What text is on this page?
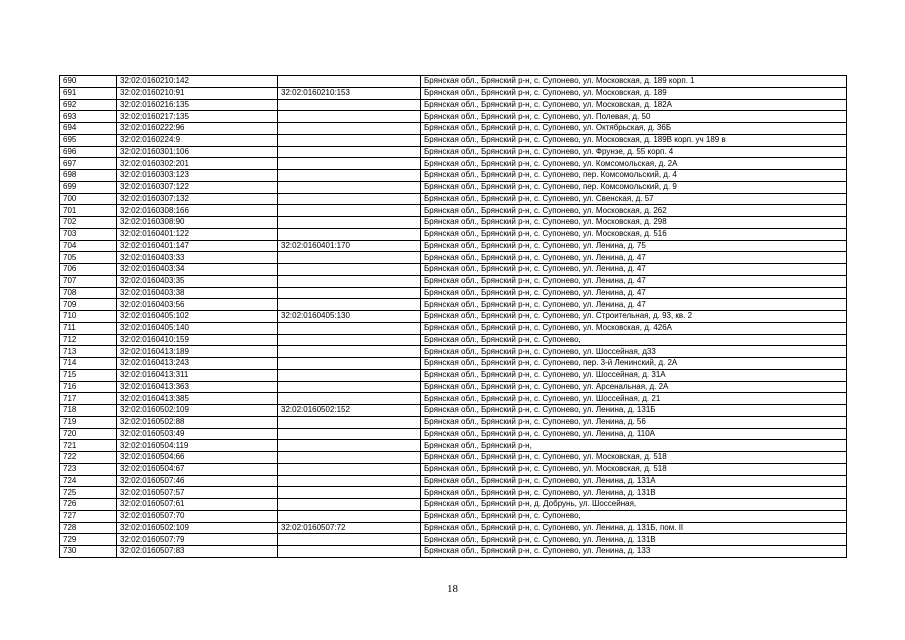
690	32:02:0160210:142		Брянская обл., Брянский р-н, с. Супонево, ул. Московская, д. 189 корп. 1
691	32:02:0160210:91	32:02:0160210:153	Брянская обл., Брянский р-н, с. Супонево, ул. Московская, д. 189
692	32:02:0160216:135		Брянская обл., Брянский р-н, с. Супонево, ул. Московская, д. 182А
693	32:02:0160217:135		Брянская обл., Брянский р-н, с. Супонево, ул. Полевая, д. 50
694	32:02:0160222:96		Брянская обл., Брянский р-н, с. Супонево, ул. Октябрьская, д. 36Б
695	32:02:0160224:9		Брянская обл., Брянский р-н, с. Супонево, ул. Московская, д. 189В корп. уч 189 в
696	32:02:0160301:106		Брянская обл., Брянский р-н, с. Супонево, ул. Фрунзе, д. 55 корп. 4
697	32:02:0160302:201		Брянская обл., Брянский р-н, с. Супонево, ул. Комсомольская, д. 2А
698	32:02:0160303:123		Брянская обл., Брянский р-н, с. Супонево, пер. Комсомольский, д. 4
699	32:02:0160307:122		Брянская обл., Брянский р-н, с. Супонево, пер. Комсомольский, д. 9
700	32:02:0160307:132		Брянская обл., Брянский р-н, с. Супонево, ул. Свенская, д. 57
701	32:02:0160308:166		Брянская обл., Брянский р-н, с. Супонево, ул. Московская, д. 262
702	32:02:0160308:90		Брянская обл., Брянский р-н, с. Супонево, ул. Московская, д. 298
703	32:02:0160401:122		Брянская обл., Брянский р-н, с. Супонево, ул. Московская, д. 516
704	32:02:0160401:147	32:02:0160401:170	Брянская обл., Брянский р-н, с. Супонево, ул. Ленина, д. 75
705	32:02:0160403:33		Брянская обл., Брянский р-н, с. Супонево, ул. Ленина, д. 47
706	32:02:0160403:34		Брянская обл., Брянский р-н, с. Супонево, ул. Ленина, д. 47
707	32:02:0160403:35		Брянская обл., Брянский р-н, с. Супонево, ул. Ленина, д. 47
708	32:02:0160403:38		Брянская обл., Брянский р-н, с. Супонево, ул. Ленина, д. 47
709	32:02:0160403:56		Брянская обл., Брянский р-н, с. Супонево, ул. Ленина, д. 47
710	32:02:0160405:102	32:02:0160405:130	Брянская обл., Брянский р-н, с. Супонево, ул. Строительная, д. 93, кв. 2
711	32:02:0160405:140		Брянская обл., Брянский р-н, с. Супонево, ул. Московская, д. 426А
712	32:02:0160410:159		Брянская обл., Брянский р-н, с. Супонево,
713	32:02:0160413:189		Брянская обл., Брянский р-н, с. Супонево, ул. Шоссейная, д33
714	32:02:0160413:243		Брянская обл., Брянский р-н, с. Супонево, пер. 3-й Ленинский, д. 2А
715	32:02:0160413:311		Брянская обл., Брянский р-н, с. Супонево, ул. Шоссейная, д. 31А
716	32:02:0160413:363		Брянская обл., Брянский р-н, с. Супонево, ул. Арсенальная, д. 2А
717	32:02:0160413:385		Брянская обл., Брянский р-н, с. Супонево, ул. Шоссейная, д. 21
718	32:02:0160502:109	32:02:0160502:152	Брянская обл., Брянский р-н, с. Супонево, ул. Ленина, д. 131Б
719	32:02:0160502:88		Брянская обл., Брянский р-н, с. Супонево, ул. Ленина, д. 56
720	32:02:0160503:49		Брянская обл., Брянский р-н, с. Супонево, ул. Ленина, д. 110А
721	32:02:0160504:119		Брянская обл., Брянский р-н,
722	32:02:0160504:66		Брянская обл., Брянский р-н, с. Супонево, ул. Московская, д. 518
723	32:02:0160504:67		Брянская обл., Брянский р-н, с. Супонево, ул. Московская, д. 518
724	32:02:0160507:46		Брянская обл., Брянский р-н, с. Супонево, ул. Ленина, д. 131А
725	32:02:0160507:57		Брянская обл., Брянский р-н, с. Супонево, ул. Ленина, д. 131В
726	32:02:0160507:61		Брянская обл., Брянский р-н, д. Добрунь, ул. Шоссейная,
727	32:02:0160507:70		Брянская обл., Брянский р-н, с. Супонево,
728	32:02:0160502:109	32:02:0160507:72	Брянская обл., Брянский р-н, с. Супонево, ул. Ленина, д. 131Б, пом. II
729	32:02:0160507:79		Брянская обл., Брянский р-н, с. Супонево, ул. Ленина, д. 131В
730	32:02:0160507:83		Брянская обл., Брянский р-н, с. Супонево, ул. Ленина, д. 133
18
